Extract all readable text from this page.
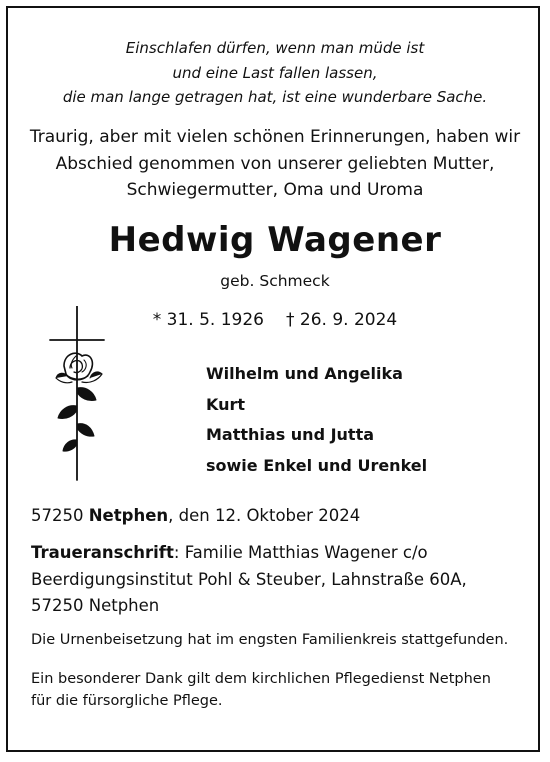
Einschlafen dürfen, wenn man müde ist
und eine Last fallen lassen,
die man lange getragen hat, ist eine wunderbare Sache.
Traurig, aber mit vielen schönen Erinnerungen, haben wir
Abschied genommen von unserer geliebten Mutter,
Schwiegermutter, Oma und Uroma
Hedwig Wagener
geb. Schmeck
* 31. 5. 1926 † 26. 9. 2024
Wilhelm und Angelika
Kurt
Matthias und Jutta
sowie Enkel und Urenkel
57250 Netphen, den 12. Oktober 2024
Traueranschrift: Familie Matthias Wagener c/o
Beerdigungsinstitut Pohl & Steuber, Lahnstraße 60A,
57250 Netphen
Die Urnenbeisetzung hat im engsten Familienkreis stattgefunden.
Ein besonderer Dank gilt dem kirchlichen Pflegedienst Netphen
für die fürsorgliche Pflege.
